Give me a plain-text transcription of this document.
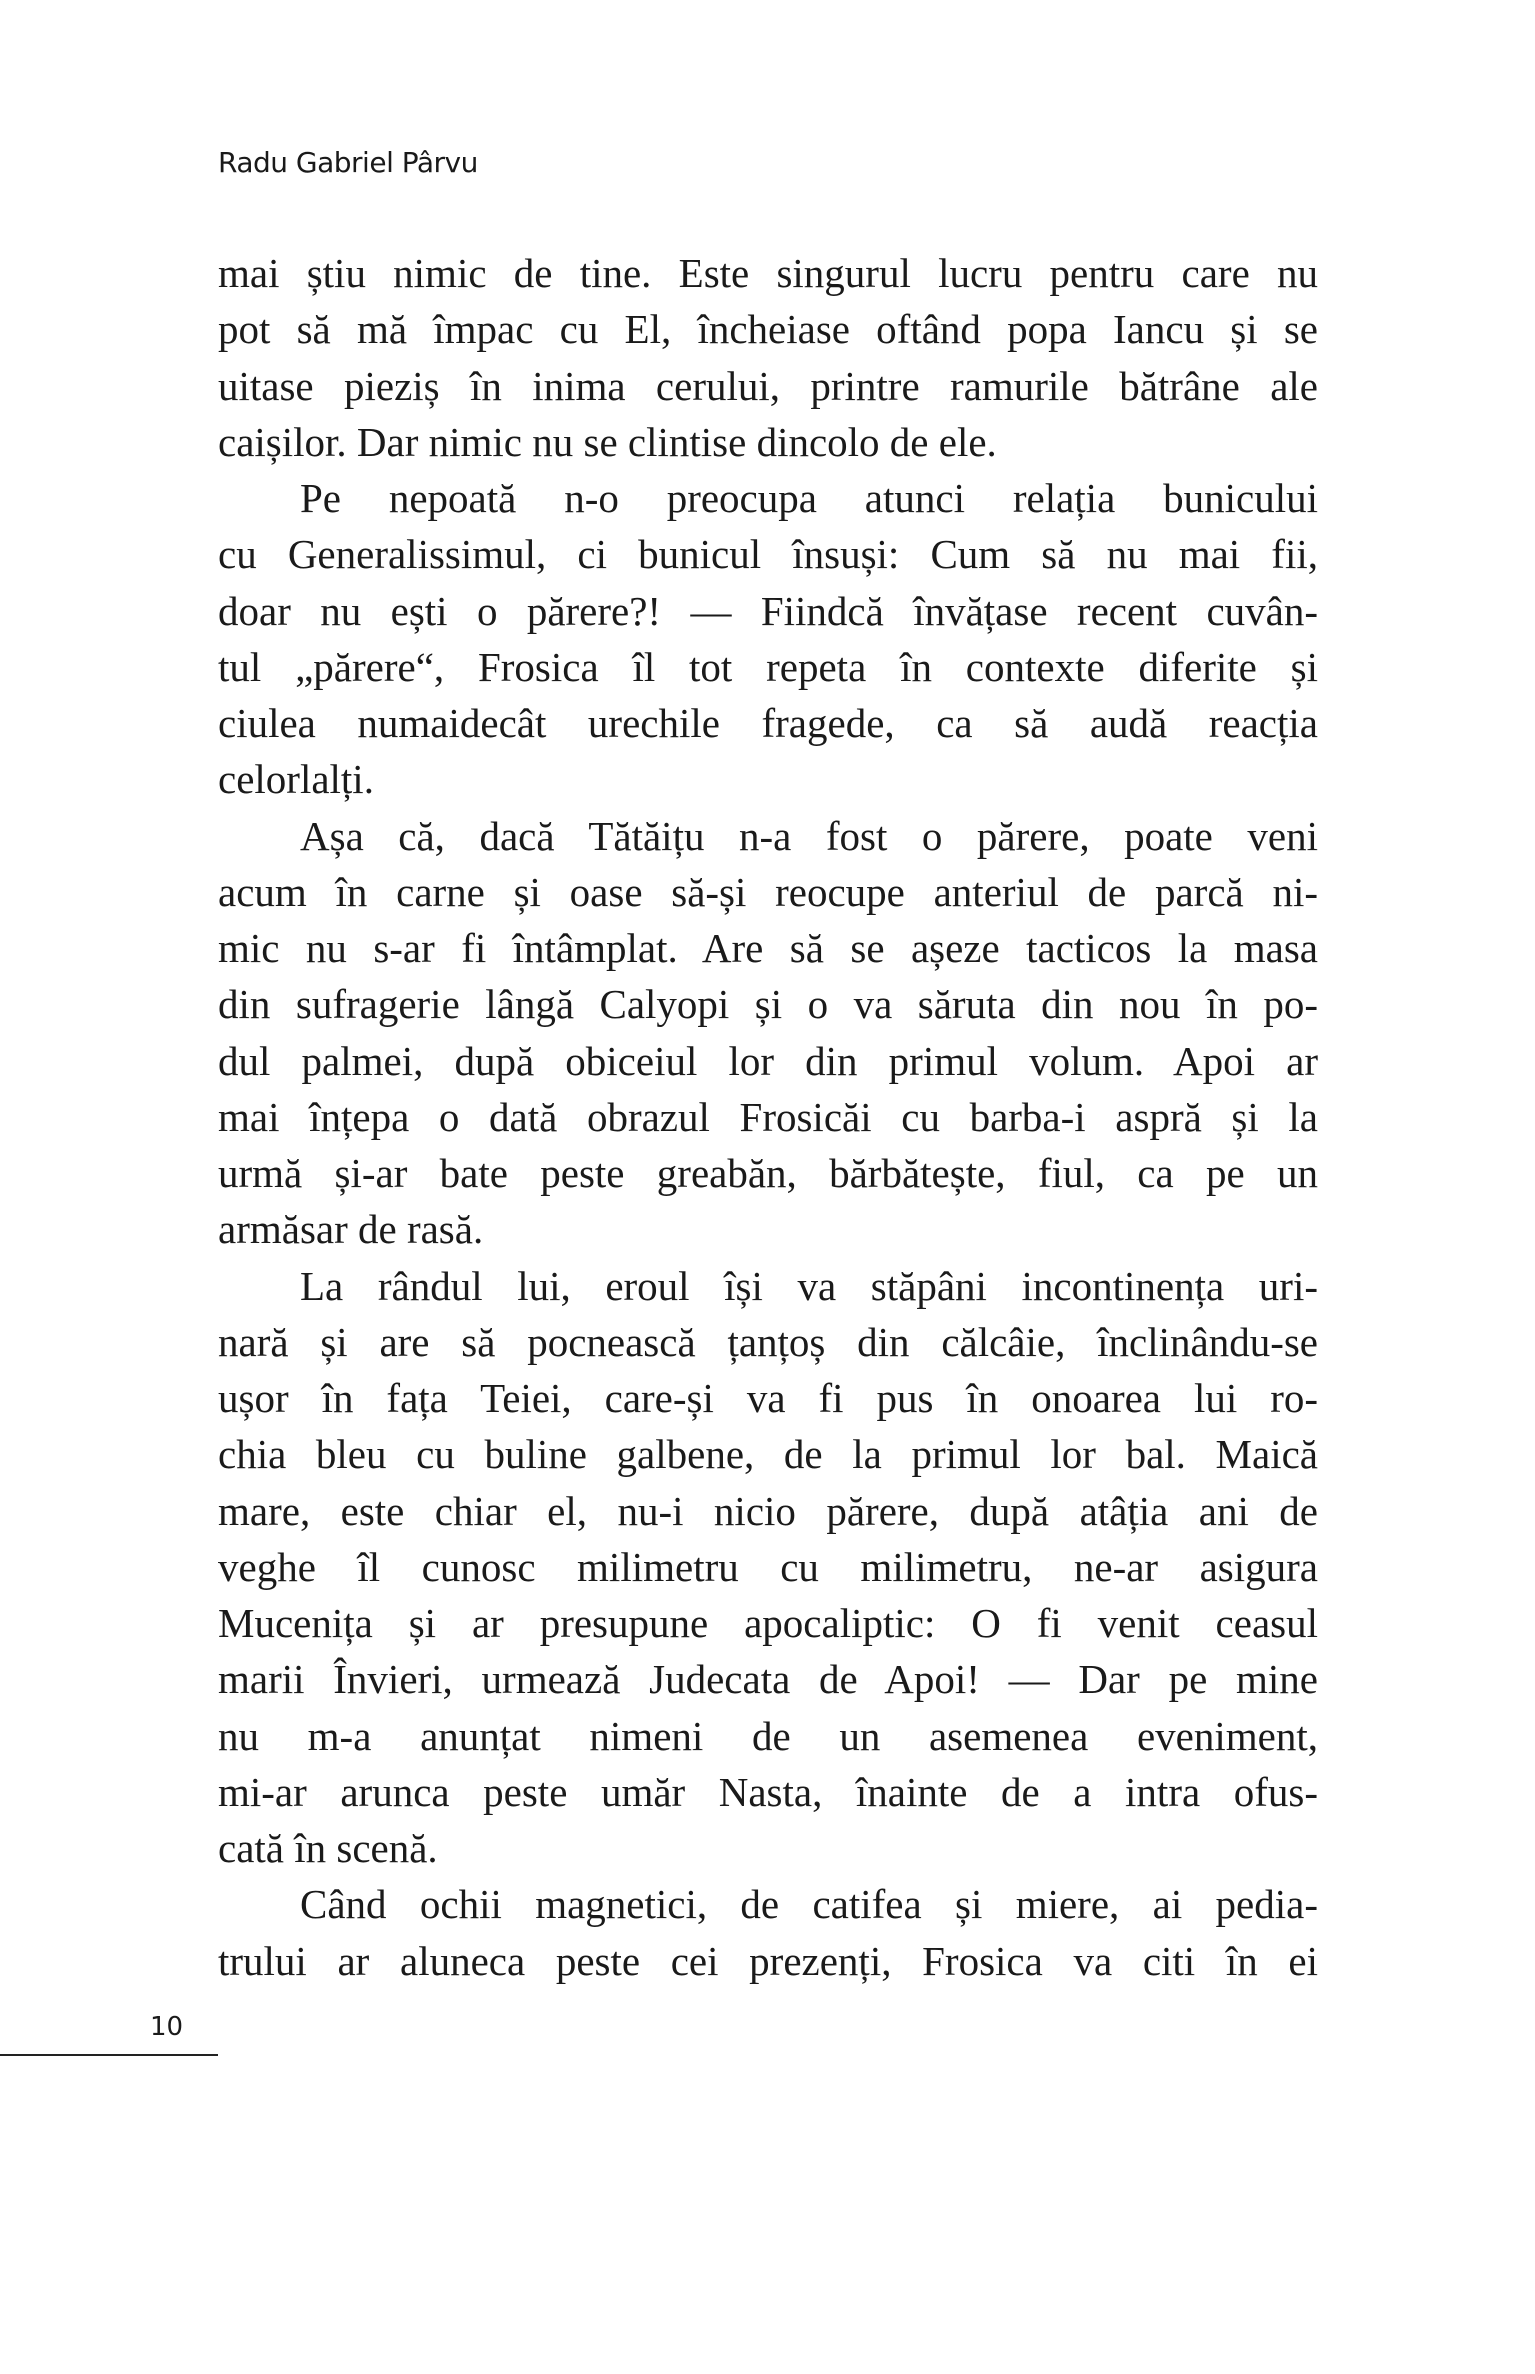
Radu Gabriel Pârvu
mai știu nimic de tine. Este singurul lucru pentru care nu
pot să mă împac cu El, încheiase oftând popa Iancu și se
uitase pieziș în inima cerului, printre ramurile bătrâne ale
caișilor. Dar nimic nu se clintise dincolo de ele.
Pe nepoată n-o preocupa atunci relația bunicului
cu Generalissimul, ci bunicul însuși: Cum să nu mai fii,
doar nu ești o părere?! — Fiindcă învățase recent cuvân-
tul „părere“, Frosica îl tot repeta în contexte diferite și
ciulea numaidecât urechile fragede, ca să audă reacția
celorlalți.
Așa că, dacă Tătăițu n-a fost o părere, poate veni
acum în carne și oase să-și reocupe anteriul de parcă ni-
mic nu s-ar fi întâmplat. Are să se așeze tacticos la masa
din sufragerie lângă Calyopi și o va săruta din nou în po-
dul palmei, după obiceiul lor din primul volum. Apoi ar
mai înțepa o dată obrazul Frosicăi cu barba-i aspră și la
urmă și-ar bate peste greabăn, bărbătește, fiul, ca pe un
armăsar de rasă.
La rândul lui, eroul își va stăpâni incontinența uri-
nară și are să pocnească țanțoș din călcâie, înclinându-se
ușor în fața Teiei, care-și va fi pus în onoarea lui ro-
chia bleu cu buline galbene, de la primul lor bal. Maică
mare, este chiar el, nu-i nicio părere, după atâția ani de
veghe îl cunosc milimetru cu milimetru, ne-ar asigura
Mucenița și ar presupune apocaliptic: O fi venit ceasul
marii Învieri, urmează Judecata de Apoi! — Dar pe mine
nu m-a anunțat nimeni de un asemenea eveniment,
mi-ar arunca peste umăr Nasta, înainte de a intra ofus-
cată în scenă.
Când ochii magnetici, de catifea și miere, ai pedia-
trului ar aluneca peste cei prezenți, Frosica va citi în ei
10
